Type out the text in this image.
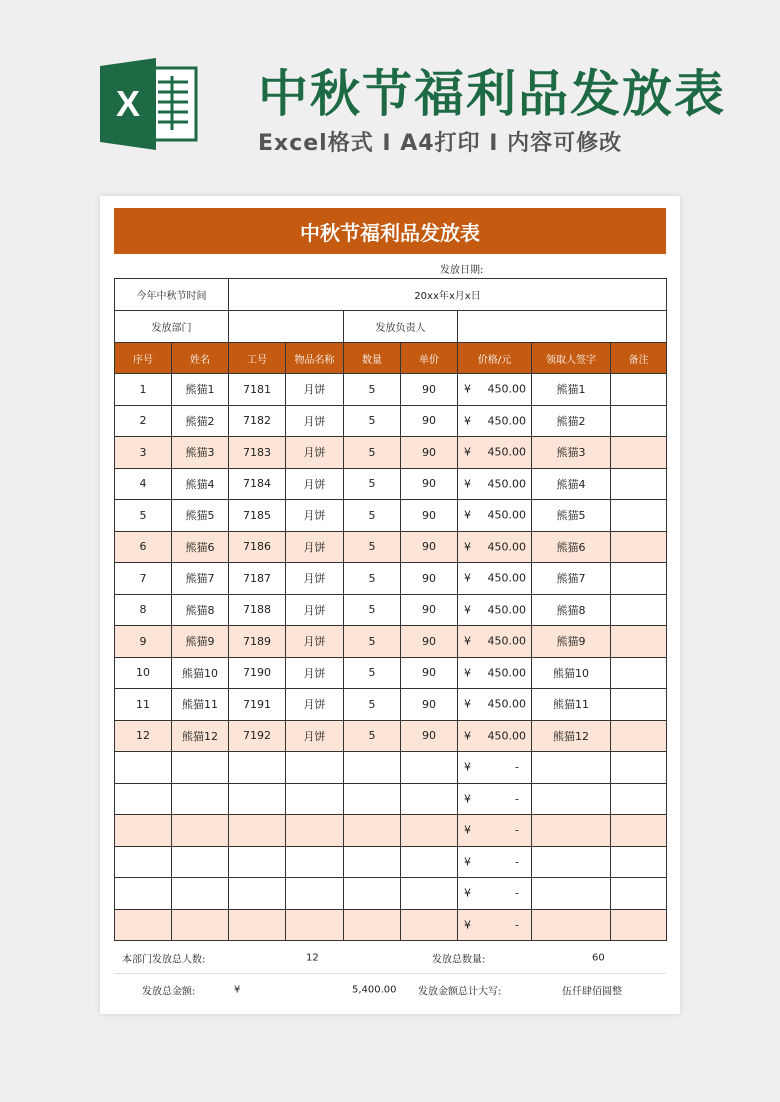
X 中秋节福利品发放表
Excel格式 I A4打印 I 内容可修改
中秋节福利品发放表
发放日期:
今年中秋节时间		20xx年x月x日						
发放部门				发放负责人				
序号	姓名	工号	物品名称	数量	单价	价格/元	领取人签字	备注
1	熊猫1	7181	月饼	5	90	¥ 450.00	熊猫1	
2	熊猫2	7182	月饼	5	90	¥ 450.00	熊猫2	
3	熊猫3	7183	月饼	5	90	¥ 450.00	熊猫3	
4	熊猫4	7184	月饼	5	90	¥ 450.00	熊猫4	
5	熊猫5	7185	月饼	5	90	¥ 450.00	熊猫5	
6	熊猫6	7186	月饼	5	90	¥ 450.00	熊猫6	
7	熊猫7	7187	月饼	5	90	¥ 450.00	熊猫7	
8	熊猫8	7188	月饼	5	90	¥ 450.00	熊猫8	
9	熊猫9	7189	月饼	5	90	¥ 450.00	熊猫9	
10	熊猫10	7190	月饼	5	90	¥ 450.00	熊猫10	
11	熊猫11	7191	月饼	5	90	¥ 450.00	熊猫11	
12	熊猫12	7192	月饼	5	90	¥ 450.00	熊猫12	

						¥ -		

						¥ -		

						¥ -		

						¥ -		

						¥ -		

						¥ -		

本部门发放总人数:	12	发放总数量:	60
发放总金额:	¥	5,400.00 发放金额总计大写:	伍仟肆佰圆整
